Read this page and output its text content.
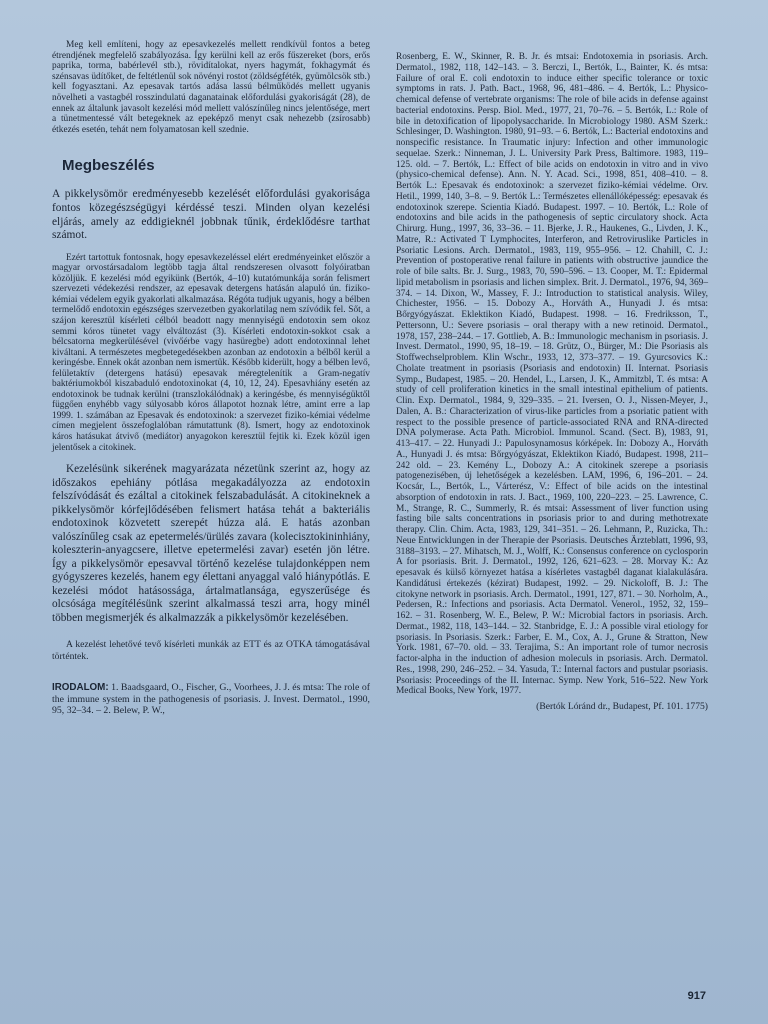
Meg kell említeni, hogy az epesavkezelés mellett rendkívül fontos a beteg étrendjének megfelelő szabályozása. Így kerülni kell az erős fűszereket (bors, erős paprika, torma, babérlevél stb.), rövidítalokat, nyers hagymát, fokhagymát és szénsavas üdítőket, de feltétlenül sok növényi rostot (zöldségféték, gyümölcsök stb.) kell fogyasztani. Az epesavak tartós adása lassú bélműködés mellett ugyanis növelheti a vastagbél rosszindulatú daganatainak előfordulási gyakoriságát (28), de ennek az általunk javasolt kezelési mód mellett valószínűleg nincs jelentősége, mert a tünetmentessé vált betegeknek az epeképző menyt csak nehezebb (zsírosabb) étkezés esetén, tehát nem folyamatosan kell szednie.

Megbeszélés

A pikkelysömör eredményesebb kezelését előfordulási gyakorisága fontos közegészségügyi kérdéssé teszi. Minden olyan kezelési eljárás, amely az eddigieknél jobbnak tűnik, érdeklődésre tarthat számot.

Ezért tartottuk fontosnak, hogy epesavkezeléssel elért eredményeinket először a magyar orvostársadalom legtöbb tagja által rendszeresen olvasott folyóiratban közöljük. E kezelési mód egyikünk (Bertók, 4–10) kutatómunkája során felismert szervezeti védekezési rendszer, az epesavak detergens hatásán alapuló ún. fiziko-kémiai védelem egyik gyakorlati alkalmazása. Régóta tudjuk ugyanis, hogy a bélben termelődő endotoxin egészséges szervezetben gyakorlatilag nem szívódik fel. Sőt, a szájon keresztül kísérleti célból beadott nagy mennyiségű endotoxin sem okoz semmi kóros tünetet vagy elváltozást (3). Kísérleti endotoxin-sokkot csak a bélcsatorna megkerülésével (vivőérbe vagy hasüregbe) adott endotoxinnal lehet kiváltani. A természetes megbetegedésekben azonban az endotoxin a bélből kerül a keringésbe. Ennek okát azonban nem ismertük. Később kiderült, hogy a bélben levő, felületaktív (detergens hatású) epesavak méregtelenítik a Gram-negatív baktériumokból kiszabaduló endotoxinokat (4, 10, 12, 24). Epesavhiány esetén az endotoxinok be tudnak kerülni (transzlokálódnak) a keringésbe, és mennyiségüktől függően enyhébb vagy súlyosabb kóros állapotot hoznak létre, amint erre a lap 1999. 1. számában az Epesavak és endotoxinok: a szervezet fiziko-kémiai védelme címen megjelent összefoglalóban rámutattunk (8). Ismert, hogy az endotoxinok káros hatásukat átvivő (mediátor) anyagokon keresztül fejtik ki. Ezek közül igen jelentősek a citokinek.

Kezelésünk sikerének magyarázata nézetünk szerint az, hogy az időszakos epehiány pótlása megakadályozza az endotoxin felszívódását és ezáltal a citokinek felszabadulását. A citokineknek a pikkelysömör kórfejlődésében felismert hatása tehát a bakteriális endotoxinok közvetett szerepét húzza alá. E hatás azonban valószínűleg csak az epetermelés/ürülés zavara (kolecisztokininhiány, koleszterin-anyagcsere, illetve epetermelési zavar) esetén jön létre. Így a pikkelysömör epesavval történő kezelése tulajdonképpen nem gyógyszeres kezelés, hanem egy élettani anyaggal való hiánypótlás. E kezelési módot hatásossága, ártalmatlansága, egyszerűsége és olcsósága megítélésünk szerint alkalmassá teszi arra, hogy minél többen megismerjék és alkalmazzák a pikkelysömör kezelésében.

A kezelést lehetővé tevő kísérleti munkák az ETT és az OTKA támogatásával történtek.

IRODALOM: 1. Baadsgaard, O., Fischer, G., Voorhees, J. J. és mtsa: The role of the immune system in the pathogenesis of psoriasis. J. Invest. Dermatol., 1990, 95, 32–34. – 2. Belew, P. W.,

Rosenberg, E. W., Skinner, R. B. Jr. és mtsai: Endotoxemia in psoriasis. Arch. Dermatol., 1982, 118, 142–143. – 3. Berczi, I., Bertók, L., Bainter, K. és mtsa: Failure of oral E. coli endotoxin to induce either specific tolerance or toxic symptoms in rats. J. Path. Bact., 1968, 96, 481–486. – 4. Bertók, L.: Physico-chemical defense of vertebrate organisms: The role of bile acids in defense against bacterial endotoxins. Persp. Biol. Med., 1977, 21, 70–76. – 5. Bertók, L.: Role of bile in detoxification of lipopolysaccharide. In Microbiology 1980. ASM Szerk.: Schlesinger, D. Washington. 1980, 91–93. – 6. Bertók, L.: Bacterial endotoxins and nonspecific resistance. In Traumatic injury: Infection and other immunologic sequelae. Szerk.: Ninneman, J. L. University Park Press, Baltimore. 1983, 119–125. old. – 7. Bertók, L.: Effect of bile acids on endotoxin in vitro and in vivo (physico-chemical defense). Ann. N. Y. Acad. Sci., 1998, 851, 408–410. – 8. Bertók L.: Epesavak és endotoxinok: a szervezet fiziko-kémiai védelme. Orv. Hetil., 1999, 140, 3–8. – 9. Bertók L.: Természetes ellenállóképesség: epesavak és endotoxinok szerepe. Scientia Kiadó. Budapest. 1997. – 10. Bertók, L.: Role of endotoxins and bile acids in the pathogenesis of septic circulatory shock. Acta Chirurg. Hung., 1997, 36, 33–36. – 11. Bjerke, J. R., Haukenes, G., Livden, J. K., Matre, R.: Activated T Lymphocites, Interferon, and Retroviruslike Particles in Psoriatic Lesions. Arch. Dermatol., 1983, 119, 955–956. – 12. Chahill, C. J.: Prevention of postoperative renal failure in patients with obstructive jaundice the role of bile salts. Br. J. Surg., 1983, 70, 590–596. – 13. Cooper, M. T.: Epidermal lipid metabolism in psoriasis and lichen simplex. Brit. J. Dermatol., 1976, 94, 369–374. – 14. Dixon, W., Massey, F. J.: Introduction to statistical analysis. Wiley, Chichester, 1956. – 15. Dobozy A., Horváth A., Hunyadi J. és mtsa: Bőrgyógyászat. Eklektikon Kiadó, Budapest. 1998. – 16. Fredriksson, T., Pettersonn, U.: Severe psoriasis – oral therapy with a new retinoid. Dermatol., 1978, 157, 238–244. – 17. Gottlieb, A. B.: Immunologic mechanism in psoriasis. J. Invest. Dermatol., 1990, 95, 18–19. – 18. Grütz, O., Bürger, M.: Die Psoriasis als Stoffwechselproblem. Klin Wschr., 1933, 12, 373–377. – 19. Gyurcsovics K.: Cholate treatment in psoriasis (Psoriasis and endotoxin) II. Internat. Psoriasis Symp., Budapest, 1985. – 20. Hendel, L., Larsen, J. K., Ammitzbl, T. és mtsa: A study of cell proliferation kinetics in the small intestinal epithelium of patients. Clin. Exp. Dermatol., 1984, 9, 329–335. – 21. Iversen, O. J., Nissen-Meyer, J., Dalen, A. B.: Characterization of virus-like particles from a psoriatic patient with respect to the possible presence of particle-associated RNA and RNA-directed DNA polymerase. Acta Path. Microbiol. Immunol. Scand. (Sect. B), 1983, 91, 413–417. – 22. Hunyadi J.: Papulosynamosus kórképek. In: Dobozy A., Horváth A., Hunyadi J. és mtsa: Bőrgyógyászat, Eklektikon Kiadó, Budapest. 1998, 211–242 old. – 23. Kemény L., Dobozy A.: A citokinek szerepe a psoriasis patogenezisében, új lehetőségek a kezelésben. LAM, 1996, 6, 196–201. – 24. Kocsár, L., Bertók, L., Várterész, V.: Effect of bile acids on the intestinal absorption of endotoxin in rats. J. Bact., 1969, 100, 220–223. – 25. Lawrence, C. M., Strange, R. C., Summerly, R. és mtsai: Assessment of liver function using fasting bile salts concentrations in psoriasis prior to and during methotrexate therapy. Clin. Chim. Acta, 1983, 129, 341–351. – 26. Lehmann, P., Ruzicka, Th.: Neue Entwicklungen in der Therapie der Psoriasis. Deutsches Ärzteblatt, 1996, 93, 3188–3193. – 27. Mihatsch, M. J., Wolff, K.: Consensus conference on cyclosporin A for psoriasis. Brit. J. Dermatol., 1992, 126, 621–623. – 28. Morvay K.: Az epesavak és külső környezet hatása a kísérletes vastagbél daganat kialakulására. Kandidátusi értekezés (kézirat) Budapest, 1992. – 29. Nickoloff, B. J.: The citokyne network in psoriasis. Arch. Dermatol., 1991, 127, 871. – 30. Norholm, A., Pedersen, R.: Infections and psoriasis. Acta Dermatol. Venerol., 1952, 32, 159–162. – 31. Rosenberg, W. E., Belew, P. W.: Microbial factors in psoriasis. Arch. Dermat., 1982, 118, 143–144. – 32. Stanbridge, E. J.: A possible viral etiology for psoriasis. In Psoriasis. Szerk.: Farber, E. M., Cox, A. J., Grune & Stratton, New York. 1981, 67–70. old. – 33. Terajima, S.: An important role of tumor necrosis factor-alpha in the induction of adhesion moleculs in psoriasis. Arch. Dermatol. Res., 1998, 290, 246–252. – 34. Yasuda, T.: Internal factors and pustular psoriasis. Psoriasis: Proceedings of the II. Internac. Symp. New York, 516–522. New York Medical Books, New York, 1977.

(Bertók Lóránd dr., Budapest, Pf. 101. 1775)

917
